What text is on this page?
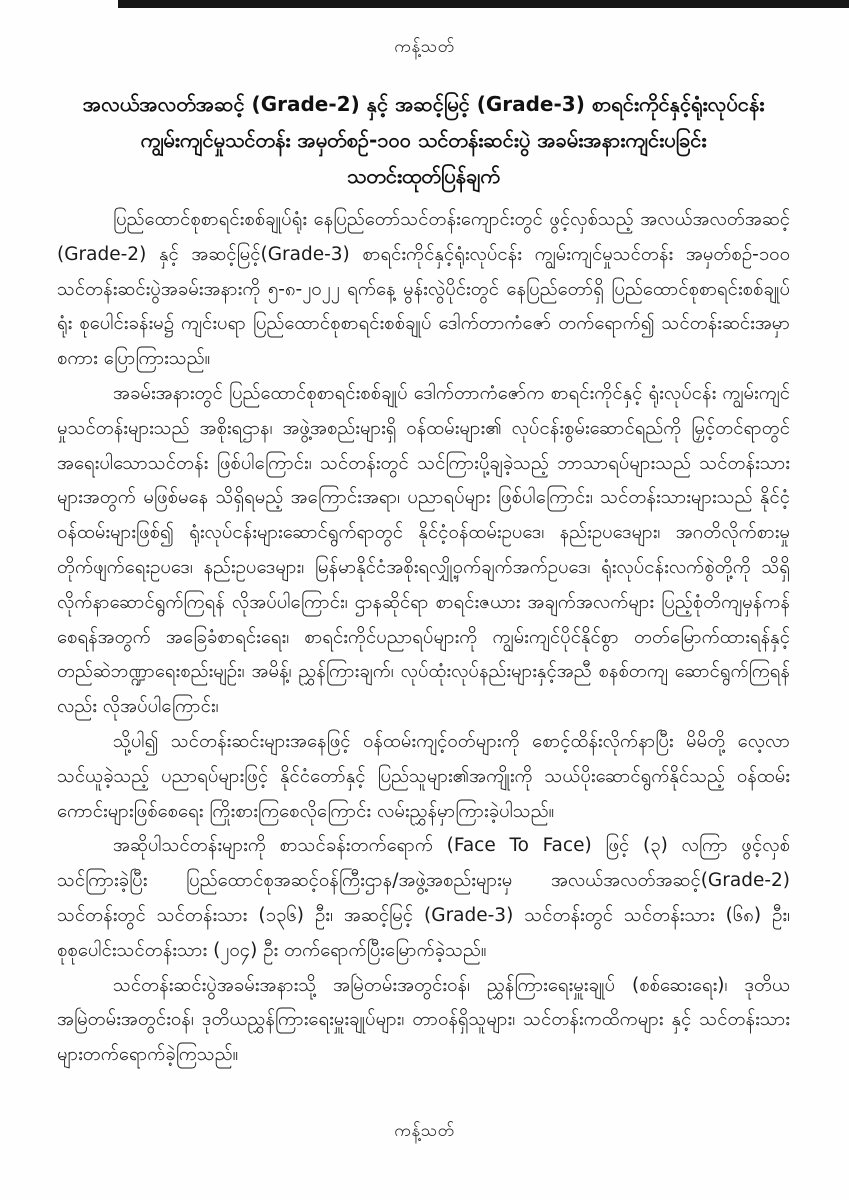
ကန့်သတ်
အလယ်အလတ်အဆင့် (Grade-2) နှင့် အဆင့်မြင့် (Grade-3) စာရင်းကိုင်နှင့်ရုံးလုပ်ငန်း
ကျွမ်းကျင်မှုသင်တန်း အမှတ်စဉ်-၁၀၀ သင်တန်းဆင်းပွဲ အခမ်းအနားကျင်းပခြင်း
သတင်းထုတ်ပြန်ချက်

ပြည်ထောင်စုစာရင်းစစ်ချုပ်ရုံး နေပြည်တော်သင်တန်းကျောင်းတွင် ဖွင့်လှစ်သည့် အလယ်အလတ်အဆင့် (Grade-2) နှင့် အဆင့်မြင့်(Grade-3) စာရင်းကိုင်နှင့်ရုံးလုပ်ငန်း ကျွမ်းကျင်မှုသင်တန်း အမှတ်စဉ်-၁၀၀ သင်တန်းဆင်းပွဲအခမ်းအနားကို ၅-၈-၂၀၂၂ ရက်နေ့ မွန်းလွဲပိုင်းတွင် နေပြည်တော်ရှိ ပြည်ထောင်စုစာရင်းစစ်ချုပ်ရုံး စုပေါင်းခန်းမ၌ ကျင်းပရာ ပြည်ထောင်စုစာရင်းစစ်ချုပ် ဒေါက်တာကံဇော် တက်ရောက်၍ သင်တန်းဆင်းအမှာစကား ပြောကြားသည်။

အခမ်းအနားတွင် ပြည်ထောင်စုစာရင်းစစ်ချုပ် ဒေါက်တာကံဇော်က စာရင်းကိုင်နှင့် ရုံးလုပ်ငန်း ကျွမ်းကျင်မှုသင်တန်းများသည် အစိုးရဌာန၊ အဖွဲ့အစည်းများရှိ ဝန်ထမ်းများ၏ လုပ်ငန်းစွမ်းဆောင်ရည်ကို မြှင့်တင်ရာတွင် အရေးပါသောသင်တန်း ဖြစ်ပါကြောင်း၊ သင်တန်းတွင် သင်ကြားပို့ချခဲ့သည့် ဘာသာရပ်များသည် သင်တန်းသားများအတွက် မဖြစ်မနေ သိရှိရမည့် အကြောင်းအရာ၊ ပညာရပ်များ ဖြစ်ပါကြောင်း၊ သင်တန်းသားများသည် နိုင်ငံ့ဝန်ထမ်းများဖြစ်၍ ရုံးလုပ်ငန်းများဆောင်ရွက်ရာတွင် နိုင်ငံ့ဝန်ထမ်းဥပဒေ၊ နည်းဥပဒေများ၊ အဂတိလိုက်စားမှု တိုက်ဖျက်ရေးဥပဒေ၊ နည်းဥပဒေများ၊ မြန်မာနိုင်ငံအစိုးရလျှို့ဝှက်ချက်အက်ဥပဒေ၊ ရုံးလုပ်ငန်းလက်စွဲတို့ကို သိရှိလိုက်နာဆောင်ရွက်ကြရန် လိုအပ်ပါကြောင်း၊ ဌာနဆိုင်ရာ စာရင်းဇယား အချက်အလက်များ ပြည့်စုံတိကျမှန်ကန်စေရန်အတွက် အခြေခံစာရင်းရေး၊ စာရင်းကိုင်ပညာရပ်များကို ကျွမ်းကျင်ပိုင်နိုင်စွာ တတ်မြောက်ထားရန်နှင့် တည်ဆဲဘဏ္ဍာရေးစည်းမျဉ်း၊ အမိန့်၊ ညွှန်ကြားချက်၊ လုပ်ထုံးလုပ်နည်းများနှင့်အညီ စနစ်တကျ ဆောင်ရွက်ကြရန်လည်း လိုအပ်ပါကြောင်း၊

သို့ပါ၍ သင်တန်းဆင်းများအနေဖြင့် ဝန်ထမ်းကျင့်ဝတ်များကို စောင့်ထိန်းလိုက်နာပြီး မိမိတို့ လေ့လာသင်ယူခဲ့သည့် ပညာရပ်များဖြင့် နိုင်ငံတော်နှင့် ပြည်သူများ၏အကျိုးကို သယ်ပိုးဆောင်ရွက်နိုင်သည့် ဝန်ထမ်းကောင်းများဖြစ်စေရေး ကြိုးစားကြစေလိုကြောင်း လမ်းညွှန်မှာကြားခဲ့ပါသည်။

အဆိုပါသင်တန်းများကို စာသင်ခန်းတက်ရောက် (Face To Face) ဖြင့် (၃) လကြာ ဖွင့်လှစ် သင်ကြားခဲ့ပြီး ပြည်ထောင်စုအဆင့်ဝန်ကြီးဌာန/အဖွဲ့အစည်းများမှ အလယ်အလတ်အဆင့်(Grade-2) သင်တန်းတွင် သင်တန်းသား (၁၃၆) ဦး၊ အဆင့်မြင့် (Grade-3) သင်တန်းတွင် သင်တန်းသား (၆၈) ဦး၊ စုစုပေါင်းသင်တန်းသား (၂၀၄) ဦး တက်ရောက်ပြီးမြောက်ခဲ့သည်။

သင်တန်းဆင်းပွဲအခမ်းအနားသို့ အမြဲတမ်းအတွင်းဝန်၊ ညွှန်ကြားရေးမှူးချုပ် (စစ်ဆေးရေး)၊ ဒုတိယအမြဲတမ်းအတွင်းဝန်၊ ဒုတိယညွှန်ကြားရေးမှူးချုပ်များ၊ တာဝန်ရှိသူများ၊ သင်တန်းကထိကများ နှင့် သင်တန်းသားများတက်ရောက်ခဲ့ကြသည်။

ကန့်သတ်
